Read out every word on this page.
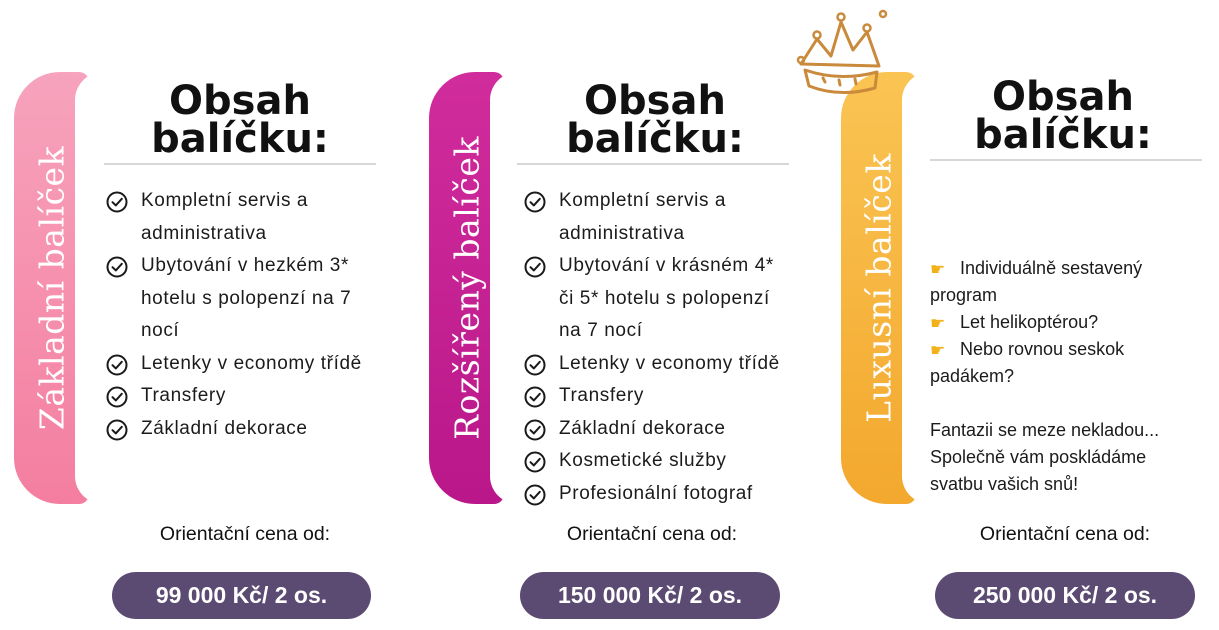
Základní balíček
Obsah
balíčku:
Kompletní servis a
administrativa
Ubytování v hezkém 3*
hotelu s polopenzí na 7
nocí
Letenky v economy třídě
Transfery
Základní dekorace
Orientační cena od:
99 000 Kč/ 2 os.
Rozšířený balíček
Obsah
balíčku:
Kompletní servis a
administrativa
Ubytování v krásném 4*
či 5* hotelu s polopenzí
na 7 nocí
Letenky v economy třídě
Transfery
Základní dekorace
Kosmetické služby
Profesionální fotograf
Orientační cena od:
150 000 Kč/ 2 os.
Luxusní balíček
Obsah
balíčku:
☛ Individuálně sestavený
program
☛ Let helikoptérou?
☛ Nebo rovnou seskok
padákem?
Fantazii se meze nekladou...
Společně vám poskládáme
svatbu vašich snů!
Orientační cena od:
250 000 Kč/ 2 os.
